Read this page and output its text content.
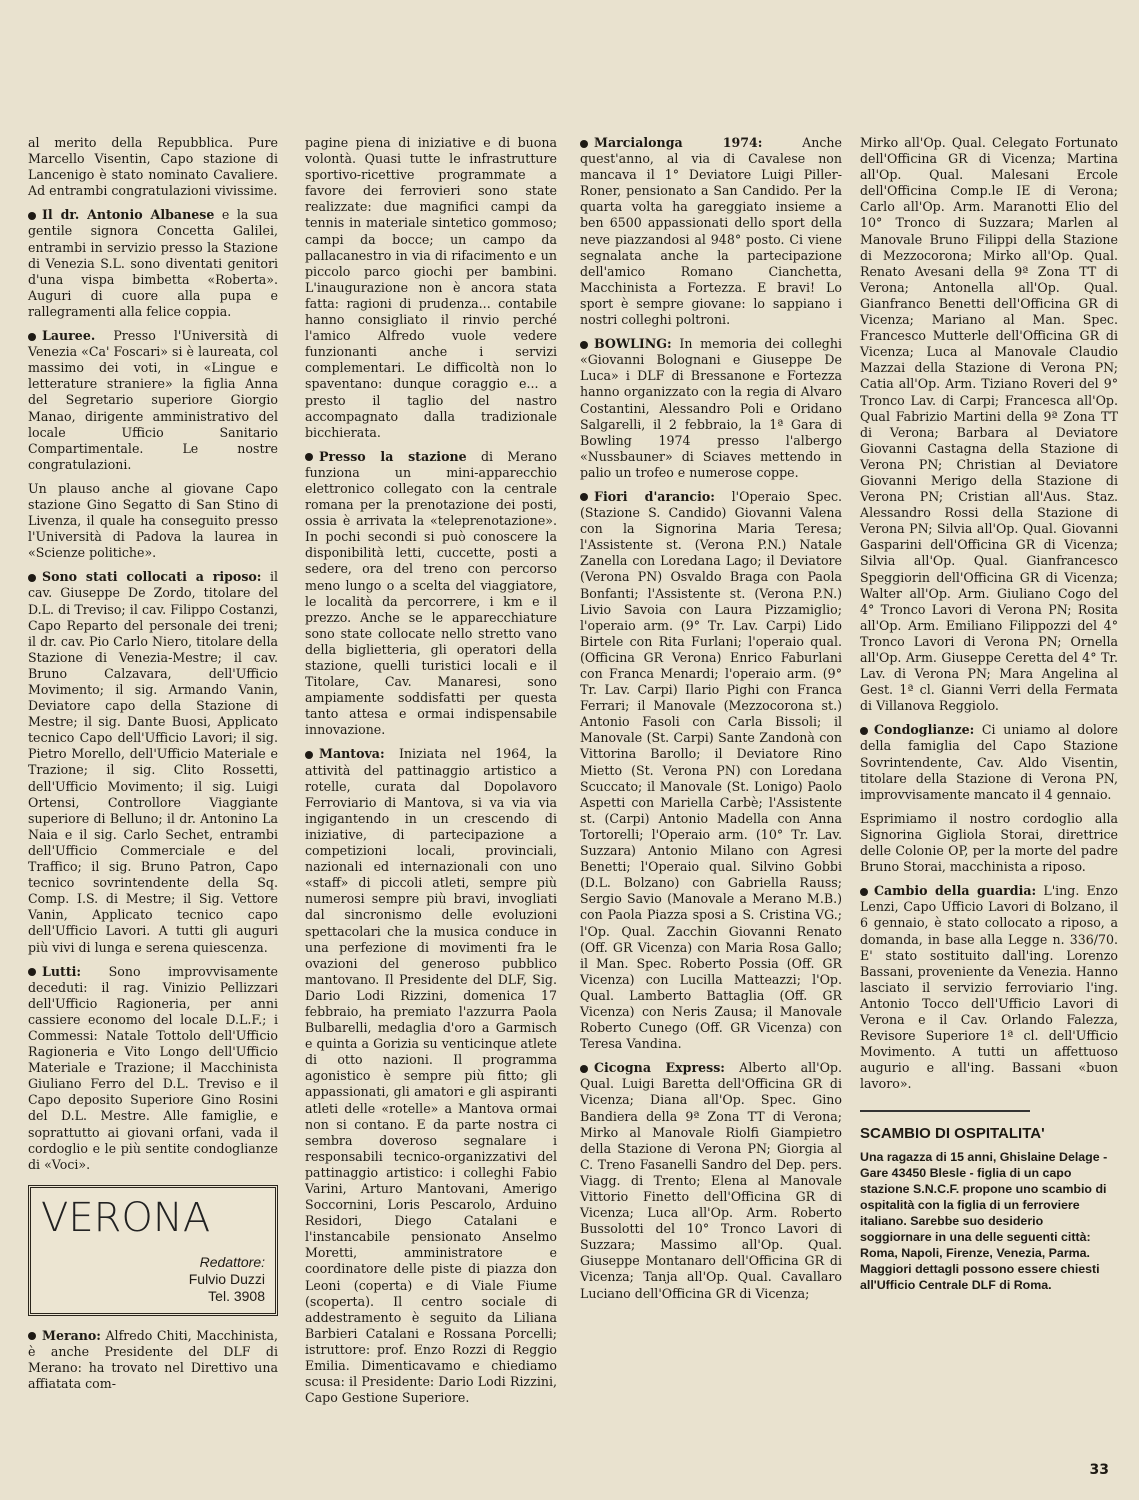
al merito della Repubblica. Pure Marcello Visentin, Capo stazione di Lancenigo è stato nominato Cavaliere. Ad entrambi congratulazioni vivissime.

Il dr. Antonio Albanese e la sua gentile signora Concetta Galilei, entrambi in servizio presso la Stazione di Venezia S.L. sono diventati genitori d'una vispa bimbetta «Roberta». Auguri di cuore alla pupa e rallegramenti alla felice coppia.

Lauree. Presso l'Università di Venezia «Ca' Foscari» si è laureata, col massimo dei voti, in «Lingue e letterature straniere» la figlia Anna del Segretario superiore Giorgio Manao, dirigente amministrativo del locale Ufficio Sanitario Compartimentale. Le nostre congratulazioni.

Un plauso anche al giovane Capo stazione Gino Segatto di San Stino di Livenza, il quale ha conseguito presso l'Università di Padova la laurea in «Scienze politiche».

Sono stati collocati a riposo: il cav. Giuseppe De Zordo, titolare del D.L. di Treviso; il cav. Filippo Costanzi, Capo Reparto del personale dei treni; il dr. cav. Pio Carlo Niero, titolare della Stazione di Venezia-Mestre; il cav. Bruno Calzavara, dell'Ufficio Movimento; il sig. Armando Vanin, Deviatore capo della Stazione di Mestre; il sig. Dante Buosi, Applicato tecnico Capo dell'Ufficio Lavori; il sig. Pietro Morello, dell'Ufficio Materiale e Trazione; il sig. Clito Rossetti, dell'Ufficio Movimento; il sig. Luigi Ortensi, Controllore Viaggiante superiore di Belluno; il dr. Antonino La Naia e il sig. Carlo Sechet, entrambi dell'Ufficio Commerciale e del Traffico; il sig. Bruno Patron, Capo tecnico sovrintendente della Sq. Comp. I.S. di Mestre; il Sig. Vettore Vanin, Applicato tecnico capo dell'Ufficio Lavori. A tutti gli auguri più vivi di lunga e serena quiescenza.

Lutti: Sono improvvisamente deceduti: il rag. Vinizio Pellizzari dell'Ufficio Ragioneria, per anni cassiere economo del locale D.L.F.; i Commessi: Natale Tottolo dell'Ufficio Ragioneria e Vito Longo dell'Ufficio Materiale e Trazione; il Macchinista Giuliano Ferro del D.L. Treviso e il Capo deposito Superiore Gino Rosini del D.L. Mestre. Alle famiglie, e soprattutto ai giovani orfani, vada il cordoglio e le più sentite condoglianze di «Voci».

VERONA
Redattore:
Fulvio Duzzi
Tel. 3908

Merano: Alfredo Chiti, Macchinista, è anche Presidente del DLF di Merano: ha trovato nel Direttivo una affiatata com-

pagine piena di iniziative e di buona volontà. Quasi tutte le infrastrutture sportivo-ricettive programmate a favore dei ferrovieri sono state realizzate: due magnifici campi da tennis in materiale sintetico gommoso; campi da bocce; un campo da pallacanestro in via di rifacimento e un piccolo parco giochi per bambini. L'inaugurazione non è ancora stata fatta: ragioni di prudenza... contabile hanno consigliato il rinvio perché l'amico Alfredo vuole vedere funzionanti anche i servizi complementari. Le difficoltà non lo spaventano: dunque coraggio e... a presto il taglio del nastro accompagnato dalla tradizionale bicchierata.

Presso la stazione di Merano funziona un mini-apparecchio elettronico collegato con la centrale romana per la prenotazione dei posti, ossia è arrivata la «teleprenotazione». In pochi secondi si può conoscere la disponibilità letti, cuccette, posti a sedere, ora del treno con percorso meno lungo o a scelta del viaggiatore, le località da percorrere, i km e il prezzo. Anche se le apparecchiature sono state collocate nello stretto vano della biglietteria, gli operatori della stazione, quelli turistici locali e il Titolare, Cav. Manaresi, sono ampiamente soddisfatti per questa tanto attesa e ormai indispensabile innovazione.

Mantova: Iniziata nel 1964, la attività del pattinaggio artistico a rotelle, curata dal Dopolavoro Ferroviario di Mantova, si va via via ingigantendo in un crescendo di iniziative, di partecipazione a competizioni locali, provinciali, nazionali ed internazionali con uno «staff» di piccoli atleti, sempre più numerosi sempre più bravi, invogliati dal sincronismo delle evoluzioni spettacolari che la musica conduce in una perfezione di movimenti fra le ovazioni del generoso pubblico mantovano. Il Presidente del DLF, Sig. Dario Lodi Rizzini, domenica 17 febbraio, ha premiato l'azzurra Paola Bulbarelli, medaglia d'oro a Garmisch e quinta a Gorizia su venticinque atlete di otto nazioni. Il programma agonistico è sempre più fitto; gli appassionati, gli amatori e gli aspiranti atleti delle «rotelle» a Mantova ormai non si contano. E da parte nostra ci sembra doveroso segnalare i responsabili tecnico-organizzativi del pattinaggio artistico: i colleghi Fabio Varini, Arturo Mantovani, Amerigo Soccornini, Loris Pescarolo, Arduino Residori, Diego Catalani e l'instancabile pensionato Anselmo Moretti, amministratore e coordinatore delle piste di piazza don Leoni (coperta) e di Viale Fiume (scoperta). Il centro sociale di addestramento è seguito da Liliana Barbieri Catalani e Rossana Porcelli; istruttore: prof. Enzo Rozzi di Reggio Emilia. Dimenticavamo e chiediamo scusa: il Presidente: Dario Lodi Rizzini, Capo Gestione Superiore.

Marcialonga 1974:	Anche quest'anno, al via di Cavalese non mancava il 1° Deviatore Luigi Piller- Roner, pensionato a San Candido. Per la quarta volta ha gareggiato insieme a ben 6500 appassionati dello sport della neve piazzandosi al 948° posto. Ci viene segnalata anche la partecipazione dell'amico Romano Cianchetta, Macchinista a Fortezza. E bravi! Lo sport è sempre giovane: lo sappiano i nostri colleghi poltroni.

BOWLING: In memoria dei colleghi «Giovanni Bolognani e Giuseppe De Luca» i DLF di Bressanone e Fortezza hanno organizzato con la regia di Alvaro Costantini, Alessandro Poli e Oridano Salgarelli, il 2 febbraio, la 1ª Gara di Bowling 1974 presso l'albergo «Nussbauner» di Sciaves mettendo in palio un trofeo e numerose coppe.

Fiori d'arancio: l'Operaio Spec. (Stazione S. Candido) Giovanni Valena con la Signorina Maria Teresa; l'Assistente st. (Verona P.N.) Natale Zanella con Loredana Lago; il Deviatore (Verona PN) Osvaldo Braga con Paola Bonfanti; l'Assistente st. (Verona P.N.) Livio Savoia con Laura Pizzamiglio; l'operaio arm. (9° Tr. Lav. Carpi) Lido Birtele con Rita Furlani; l'operaio qual. (Officina GR Verona) Enrico Faburlani con Franca Menardi; l'operaio arm. (9° Tr. Lav. Carpi) Ilario Pighi con Franca Ferrari; il Manovale (Mezzocorona st.) Antonio Fasoli con Carla Bissoli; il Manovale (St. Carpi) Sante Zandonà con Vittorina Barollo; il Deviatore Rino Mietto (St. Verona PN) con Loredana Scuccato; il Manovale (St. Lonigo) Paolo Aspetti con Mariella Carbè; l'Assistente st. (Carpi) Antonio Madella con Anna Tortorelli; l'Operaio arm. (10° Tr. Lav. Suzzara) Antonio Milano con Agresi Benetti; l'Operaio qual. Silvino Gobbi (D.L. Bolzano) con Gabriella Rauss; Sergio Savio (Manovale a Merano M.B.) con Paola Piazza sposi a S. Cristina VG.; l'Op. Qual. Zacchin Giovanni Renato (Off. GR Vicenza) con Maria Rosa Gallo; il Man. Spec. Roberto Possia (Off. GR Vicenza) con Lucilla Matteazzi; l'Op. Qual. Lamberto Battaglia (Off. GR Vicenza) con Neris Zausa; il Manovale Roberto Cunego (Off. GR Vicenza) con Teresa Vandina.

Cicogna Express: Alberto all'Op. Qual. Luigi Baretta dell'Officina GR di Vicenza; Diana all'Op. Spec. Gino Bandiera della 9ª Zona TT di Verona; Mirko al Manovale Riolfi Giampietro della Stazione di Verona PN; Giorgia al C. Treno Fasanelli Sandro del Dep. pers. Viagg. di Trento; Elena al Manovale Vittorio Finetto dell'Officina GR di Vicenza; Luca all'Op. Arm. Roberto Bussolotti del 10° Tronco Lavori di Suzzara; Massimo all'Op. Qual. Giuseppe Montanaro dell'Officina GR di Vicenza; Tanja all'Op. Qual. Cavallaro Luciano dell'Officina GR di Vicenza;

Mirko all'Op. Qual. Celegato Fortunato dell'Officina GR di Vicenza; Martina all'Op. Qual. Malesani Ercole dell'Officina Comp.le IE di Verona; Carlo all'Op. Arm. Maranotti Elio del 10° Tronco di Suzzara; Marlen al Manovale Bruno Filippi della Stazione di Mezzocorona; Mirko all'Op. Qual. Renato Avesani della 9ª Zona TT di Verona; Antonella all'Op. Qual. Gianfranco Benetti dell'Officina GR di Vicenza; Mariano al Man. Spec. Francesco Mutterle dell'Officina GR di Vicenza; Luca al Manovale Claudio Mazzai della Stazione di Verona PN; Catia all'Op. Arm. Tiziano Roveri del 9° Tronco Lav. di Carpi; Francesca all'Op. Qual Fabrizio Martini della 9ª Zona TT di Verona; Barbara al Deviatore Giovanni Castagna della Stazione di Verona PN; Christian al Deviatore Giovanni Merigo della Stazione di Verona PN; Cristian all'Aus. Staz. Alessandro Rossi della Stazione di Verona PN; Silvia all'Op. Qual. Giovanni Gasparini dell'Officina GR di Vicenza; Silvia all'Op. Qual. Gianfrancesco Speggiorin dell'Officina GR di Vicenza; Walter all'Op. Arm. Giuliano Cogo del 4° Tronco Lavori di Verona PN; Rosita all'Op. Arm. Emiliano Filippozzi del 4° Tronco Lavori di Verona PN; Ornella all'Op. Arm. Giuseppe Ceretta del 4° Tr. Lav. di Verona PN; Mara Angelina al Gest. 1ª cl. Gianni Verri della Fermata di Villanova Reggiolo.

Condoglianze: Ci uniamo al dolore della famiglia del Capo Stazione Sovrintendente, Cav. Aldo Visentin, titolare della Stazione di Verona PN, improvvisamente mancato il 4 gennaio.

Esprimiamo il nostro cordoglio alla Signorina Gigliola Storai, direttrice delle Colonie OP, per la morte del padre Bruno Storai, macchinista a riposo.

Cambio della guardia: L'ing. Enzo Lenzi, Capo Ufficio Lavori di Bolzano, il 6 gennaio, è stato collocato a riposo, a domanda, in base alla Legge n. 336/70. E' stato sostituito dall'ing. Lorenzo Bassani, proveniente da Venezia. Hanno lasciato il servizio ferroviario l'ing. Antonio Tocco dell'Ufficio Lavori di Verona e il Cav. Orlando Falezza, Revisore Superiore 1ª cl. dell'Ufficio Movimento. A tutti un affettuoso augurio e all'ing. Bassani «buon lavoro».

SCAMBIO DI OSPITALITA'
Una ragazza di 15 anni, Ghislaine Delage - Gare 43450 Blesle - figlia di un capo stazione S.N.C.F. propone uno scambio di ospitalità con la figlia di un ferroviere italiano. Sarebbe suo desiderio soggiornare in una delle seguenti città: Roma, Napoli, Firenze, Venezia, Parma.
Maggiori dettagli possono essere chiesti all'Ufficio Centrale DLF di Roma.
33
